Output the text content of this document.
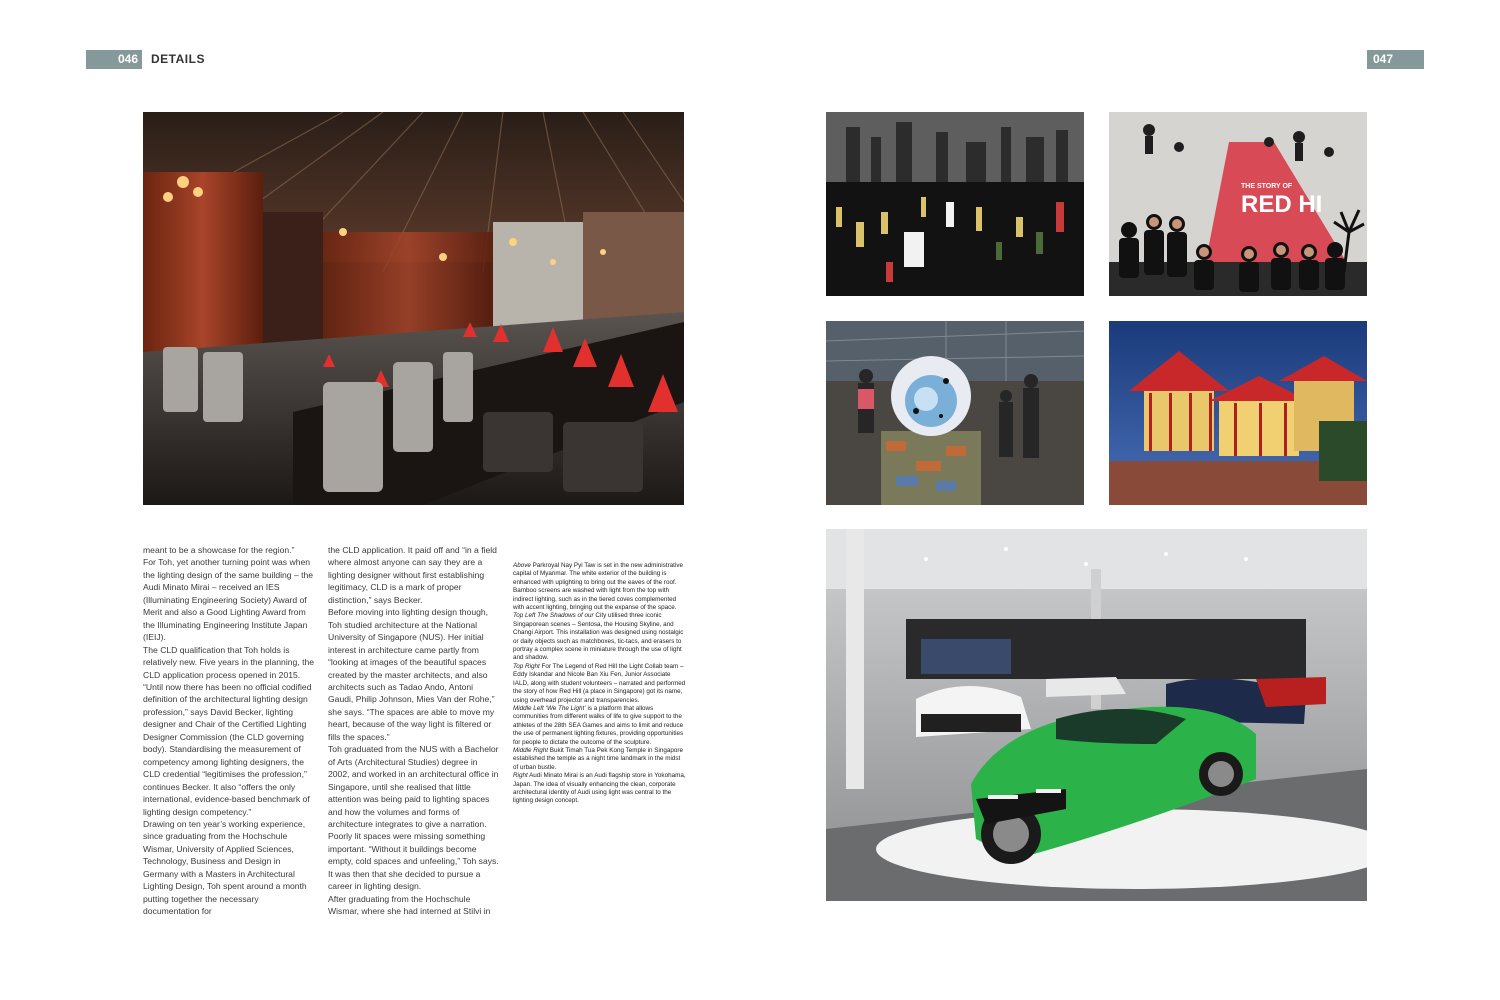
046	DETAILS	047
THE STORY OF
RED HI

meant to be a showcase for the region.”

For Toh, yet another turning point was when the lighting design of the same building – the Audi Minato Mirai – received an IES (Illuminating Engineering Society) Award of Merit and also a Good Lighting Award from the Illuminating Engineering Institute Japan (IEIJ).

The CLD qualification that Toh holds is relatively new. Five years in the planning, the CLD application process opened in 2015. “Until now there has been no official codified definition of the architectural lighting design profession,” says David Becker, lighting designer and Chair of the Certified Lighting Designer Commission (the CLD governing body). Standardising the measurement of competency among lighting designers, the CLD credential “legitimises the profession,” continues Becker. It also “offers the only international, evidence-based benchmark of lighting design competency.”

Drawing on ten year’s working experience, since graduating from the Hochschule Wismar, University of Applied Sciences, Technology, Business and Design in Germany with a Masters in Architectural Lighting Design, Toh spent around a month putting together the necessary documentation for

the CLD application. It paid off and “in a field where almost anyone can say they are a lighting designer without first establishing legitimacy, CLD is a mark of proper distinction,” says Becker.

Before moving into lighting design though, Toh studied architecture at the National University of Singapore (NUS). Her initial interest in architecture came partly from “looking at images of the beautiful spaces created by the master architects, and also architects such as Tadao Ando, Antoni Gaudi, Philip Johnson, Mies Van der Rohe,” she says. “The spaces are able to move my heart, because of the way light is filtered or fills the spaces.”

Toh graduated from the NUS with a Bachelor of Arts (Architectural Studies) degree in 2002, and worked in an architectural office in Singapore, until she realised that little attention was being paid to lighting spaces and how the volumes and forms of architecture integrates to give a narration. Poorly lit spaces were missing something important. “Without it buildings become empty, cold spaces and unfeeling,” Toh says. It was then that she decided to pursue a career in lighting design.

After graduating from the Hochschule Wismar, where she had interned at Stilvi in

Above Parkroyal Nay Pyi Taw is set in the new administrative capital of Myanmar. The white exterior of the building is enhanced with uplighting to bring out the eaves of the roof. Bamboo screens are washed with light from the top with indirect lighting, such as in the tiered coves complemented with accent lighting, bringing out the expanse of the space.

Top Left The Shadows of our City utilised three iconic Singaporean scenes – Sentosa, the Housing Skyline, and Changi Airport. This installation was designed using nostalgic or daily objects such as matchboxes, tic-tacs, and erasers to portray a complex scene in miniature through the use of light and shadow.

Top Right For The Legend of Red Hill the Light Collab team – Eddy Iskandar and Nicole Ban Xiu Fen, Junior Associate IALD, along with student volunteers – narrated and performed the story of how Red Hill (a place in Singapore) got its name, using overhead projector and transparencies.

Middle Left ‘We The Light’ is a platform that allows communities from different walks of life to give support to the athletes of the 28th SEA Games and aims to limit and reduce the use of permanent lighting fixtures, providing opportunities for people to dictate the outcome of the sculpture.

Middle Right Bukit Timah Tua Pek Kong Temple in Singapore established the temple as a night time landmark in the midst of urban bustle.

Right Audi Minato Mirai is an Audi flagship store in Yokohama, Japan. The idea of visually enhancing the clean, corporate architectural identity of Audi using light was central to the lighting design concept.
